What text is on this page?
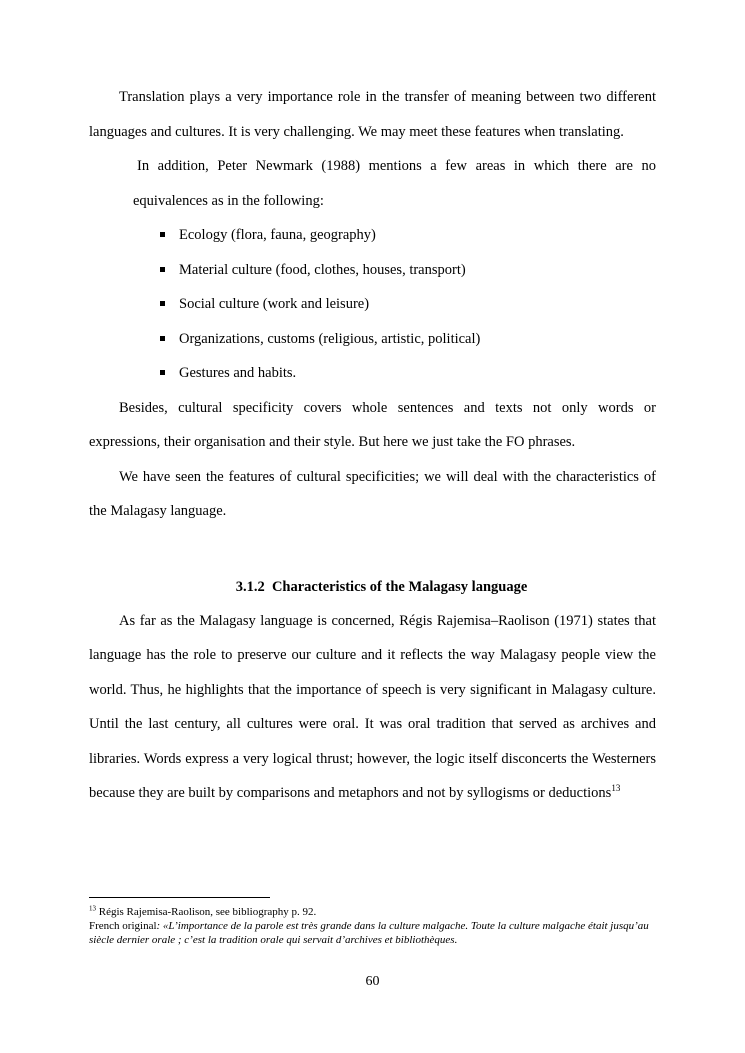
Translation plays a very importance role in the transfer of meaning between two different languages and cultures. It is very challenging. We may meet these features when translating.

In addition, Peter Newmark (1988) mentions a few areas in which there are no equivalences as in the following:

Ecology (flora, fauna, geography)
Material culture (food, clothes, houses, transport)
Social culture (work and leisure)
Organizations, customs (religious, artistic, political)
Gestures and habits.

Besides, cultural specificity covers whole sentences and texts not only words or expressions, their organisation and their style. But here we just take the FO phrases.

We have seen the features of cultural specificities; we will deal with the characteristics of the Malagasy language.

3.1.2 Characteristics of the Malagasy language

As far as the Malagasy language is concerned, Régis Rajemisa–Raolison (1971) states that language has the role to preserve our culture and it reflects the way Malagasy people view the world. Thus, he highlights that the importance of speech is very significant in Malagasy culture. Until the last century, all cultures were oral. It was oral tradition that served as archives and libraries. Words express a very logical thrust; however, the logic itself disconcerts the Westerners because they are built by comparisons and metaphors and not by syllogisms or deductions$^{13}$

$^{13}$ Régis Rajemisa-Raolison, see bibliography p. 92.
French original: «L’importance de la parole est très grande dans la culture malgache. Toute la culture malgache était jusqu’au siècle dernier orale ; c’est la tradition orale qui servait d’archives et bibliothèques.
60
